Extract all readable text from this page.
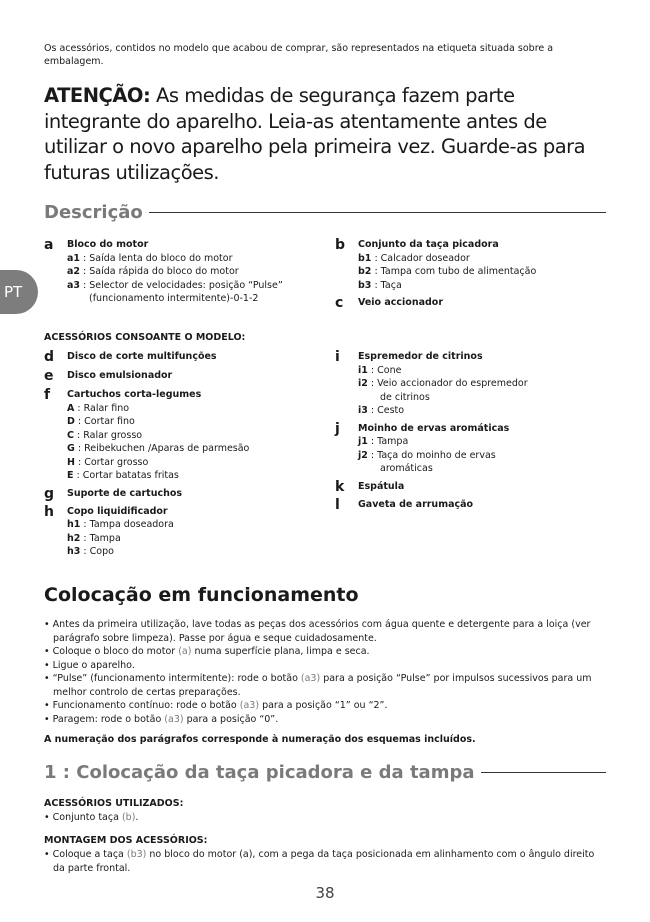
PT
Os acessórios, contidos no modelo que acabou de comprar, são representados na etiqueta situada sobre a embalagem.
ATENÇÃO: As medidas de segurança fazem parte integrante do aparelho. Leia-as atentamente antes de utilizar o novo aparelho pela primeira vez. Guarde-as para futuras utilizações.
Descrição
a	Bloco do motor
a1 : Saída lenta do bloco do motor
a2 : Saída rápida do bloco do motor
a3 : Selector de velocidades: posição “Pulse”
(funcionamento intermitente)-0-1-2
b	Conjunto da taça picadora
b1 : Calcador doseador
b2 : Tampa com tubo de alimentação
b3 : Taça
c	Veio accionador
ACESSÓRIOS CONSOANTE O MODELO:
d	Disco de corte multifunções
e	Disco emulsionador
f	Cartuchos corta-legumes
A : Ralar fino
D : Cortar fino
C : Ralar grosso
G : Reibekuchen /Aparas de parmesão
H : Cortar grosso
E : Cortar batatas fritas
g	Suporte de cartuchos
h	Copo liquidificador
h1 : Tampa doseadora
h2 : Tampa
h3 : Copo
i	Espremedor de citrinos
i1 : Cone
i2 : Veio accionador do espremedor
de citrinos
i3 : Cesto
j	Moinho de ervas aromáticas
j1 : Tampa
j2 : Taça do moinho de ervas
aromáticas
k	Espátula
l	Gaveta de arrumação
Colocação em funcionamento
• Antes da primeira utilização, lave todas as peças dos acessórios com água quente e detergente para a loiça (ver parágrafo sobre limpeza). Passe por água e seque cuidadosamente.
• Coloque o bloco do motor (a) numa superfície plana, limpa e seca.
• Ligue o aparelho.
• “Pulse” (funcionamento intermitente): rode o botão (a3) para a posição “Pulse” por impulsos sucessivos para um melhor controlo de certas preparações.
• Funcionamento contínuo: rode o botão (a3) para a posição “1” ou “2”.
• Paragem: rode o botão (a3) para a posição “0”.
A numeração dos parágrafos corresponde à numeração dos esquemas incluídos.
1 : Colocação da taça picadora e da tampa
ACESSÓRIOS UTILIZADOS:
• Conjunto taça (b).
MONTAGEM DOS ACESSÓRIOS:
• Coloque a taça (b3) no bloco do motor (a), com a pega da taça posicionada em alinhamento com o ângulo direito da parte frontal.
38
